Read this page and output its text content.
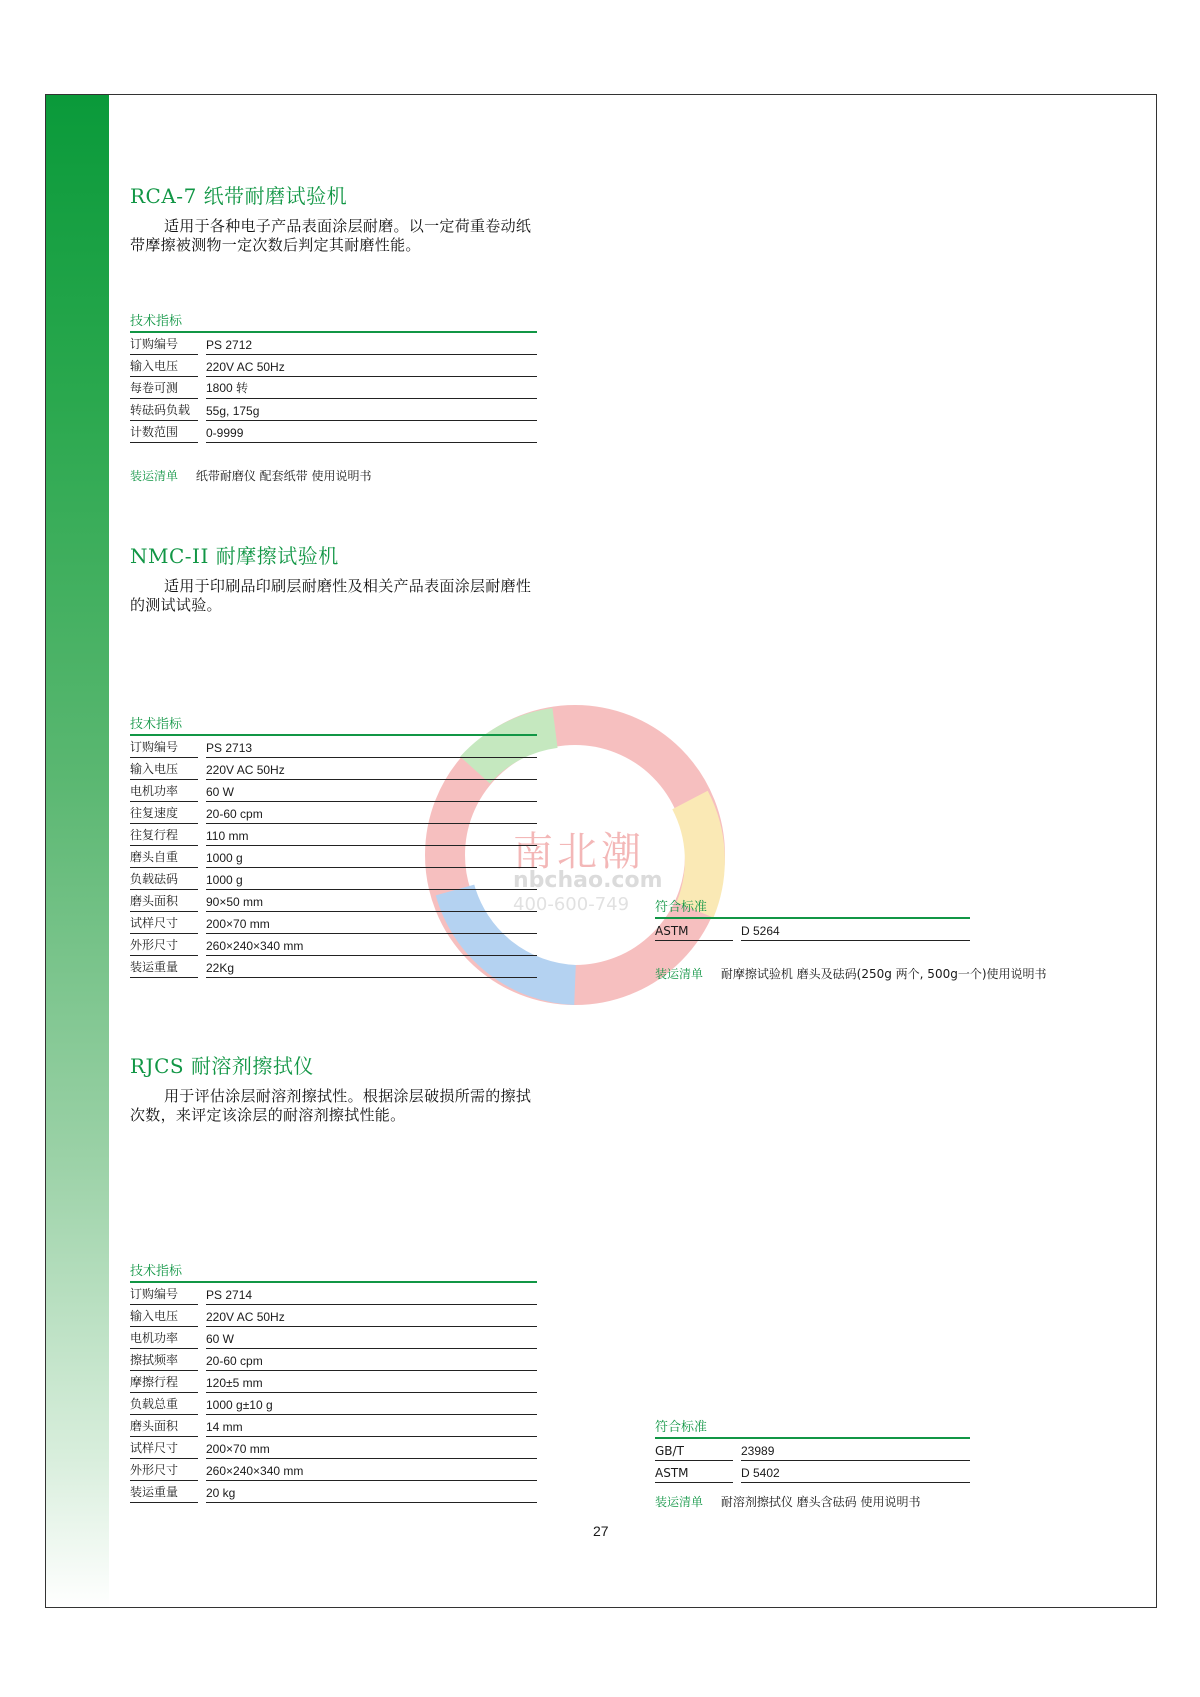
南北潮
nbchao.com
400-600-749
RCA-7 纸带耐磨试验机
适用于各种电子产品表面涂层耐磨。以一定荷重卷动纸带摩擦被测物一定次数后判定其耐磨性能。
技术指标
订购编号	PS 2712
输入电压	220V AC 50Hz
每卷可测	1800 转
转砝码负载	55g, 175g
计数范围	0-9999
装运清单 纸带耐磨仪 配套纸带 使用说明书
NMC-II 耐摩擦试验机
适用于印刷品印刷层耐磨性及相关产品表面涂层耐磨性的测试试验。
技术指标
订购编号	PS 2713
输入电压	220V AC 50Hz
电机功率	60 W
往复速度	20-60 cpm
往复行程	110 mm
磨头自重	1000 g
负载砝码	1000 g
磨头面积	90×50 mm
试样尺寸	200×70 mm
外形尺寸	260×240×340 mm
装运重量	22Kg
符合标准
ASTM	D 5264
装运清单 耐摩擦试验机 磨头及砝码(250g 两个, 500g一个)使用说明书
RJCS 耐溶剂擦拭仪
用于评估涂层耐溶剂擦拭性。根据涂层破损所需的擦拭次数，来评定该涂层的耐溶剂擦拭性能。
技术指标
订购编号	PS 2714
输入电压	220V AC 50Hz
电机功率	60 W
擦拭频率	20-60 cpm
摩擦行程	120±5 mm
负载总重	1000 g±10 g
磨头面积	14 mm
试样尺寸	200×70 mm
外形尺寸	260×240×340 mm
装运重量	20 kg
符合标准
GB/T	23989
ASTM	D 5402
装运清单 耐溶剂擦拭仪 磨头含砝码 使用说明书
27
